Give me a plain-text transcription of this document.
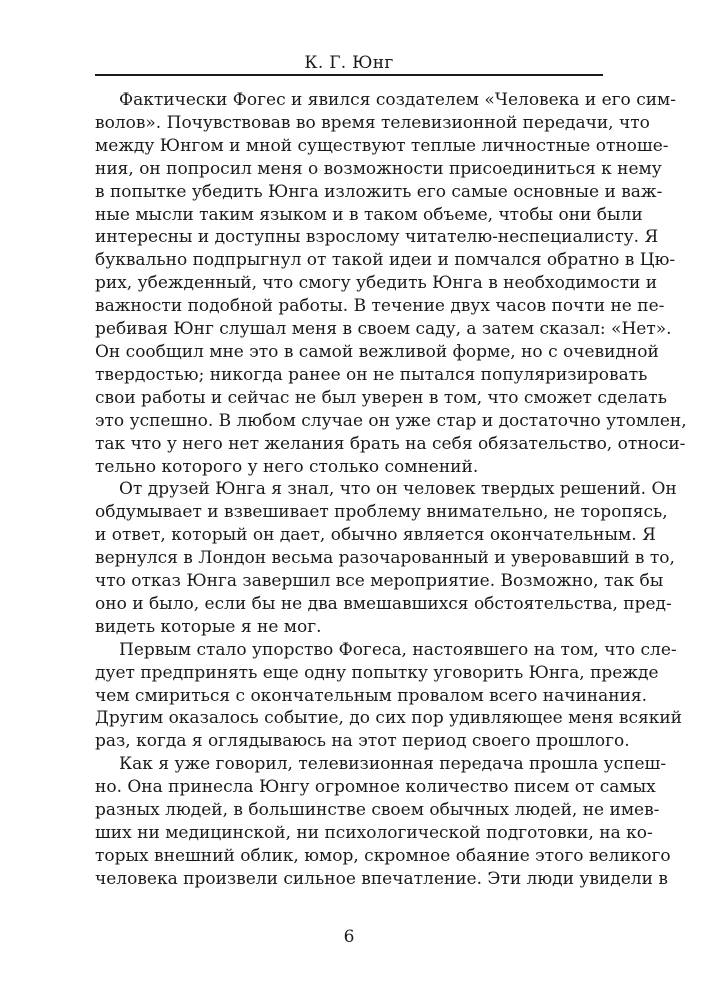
К. Г. Юнг

Фактически Фогес и явился создателем «Человека и его сим-
волов». Почувствовав во время телевизионной передачи, что
между Юнгом и мной существуют теплые личностные отноше-
ния, он попросил меня о возможности присоединиться к нему
в попытке убедить Юнга изложить его самые основные и важ-
ные мысли таким языком и в таком объеме, чтобы они были
интересны и доступны взрослому читателю-неспециалисту. Я
буквально подпрыгнул от такой идеи и помчался обратно в Цю-
рих, убежденный, что смогу убедить Юнга в необходимости и
важности подобной работы. В течение двух часов почти не пе-
ребивая Юнг слушал меня в своем саду, а затем сказал: «Нет».
Он сообщил мне это в самой вежливой форме, но с очевидной
твердостью; никогда ранее он не пытался популяризировать
свои работы и сейчас не был уверен в том, что сможет сделать
это успешно. В любом случае он уже стар и достаточно утомлен,
так что у него нет желания брать на себя обязательство, относи-
тельно которого у него столько сомнений.

От друзей Юнга я знал, что он человек твердых решений. Он
обдумывает и взвешивает проблему внимательно, не торопясь,
и ответ, который он дает, обычно является окончательным. Я
вернулся в Лондон весьма разочарованный и уверовавший в то,
что отказ Юнга завершил все мероприятие. Возможно, так бы
оно и было, если бы не два вмешавшихся обстоятельства, пред-
видеть которые я не мог.

Первым стало упорство Фогеса, настоявшего на том, что сле-
дует предпринять еще одну попытку уговорить Юнга, прежде
чем смириться с окончательным провалом всего начинания.
Другим оказалось событие, до сих пор удивляющее меня всякий
раз, когда я оглядываюсь на этот период своего прошлого.

Как я уже говорил, телевизионная передача прошла успеш-
но. Она принесла Юнгу огромное количество писем от самых
разных людей, в большинстве своем обычных людей, не имев-
ших ни медицинской, ни психологической подготовки, на ко-
торых внешний облик, юмор, скромное обаяние этого великого
человека произвели сильное впечатление. Эти люди увидели в

6
